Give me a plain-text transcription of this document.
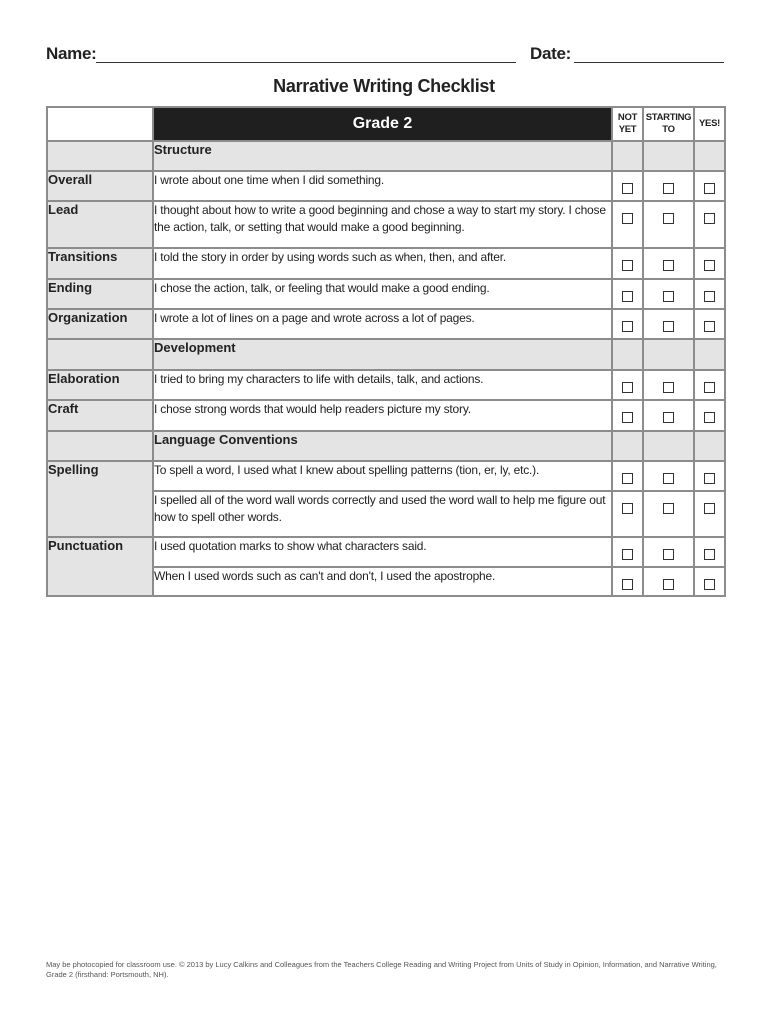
Name:	Date:
Narrative Writing Checklist
	Grade 2	NOT YET	STARTING TO	YES!
	Structure			
Overall	I wrote about one time when I did something.			
Lead	I thought about how to write a good beginning and chose a way to start my story. I chose the action, talk, or setting that would make a good beginning.			
Transitions	I told the story in order by using words such as when, then, and after.			
Ending	I chose the action, talk, or feeling that would make a good ending.			
Organization	I wrote a lot of lines on a page and wrote across a lot of pages.			
	Development			
Elaboration	I tried to bring my characters to life with details, talk, and actions.			
Craft	I chose strong words that would help readers picture my story.			
	Language Conventions			
Spelling	To spell a word, I used what I knew about spelling patterns (tion, er, ly, etc.).			
	I spelled all of the word wall words correctly and used the word wall to help me figure out how to spell other words.			
Punctuation	I used quotation marks to show what characters said.			
	When I used words such as can't and don't, I used the apostrophe.			
May be photocopied for classroom use. © 2013 by Lucy Calkins and Colleagues from the Teachers College Reading and Writing Project from Units of Study in Opinion, Information, and Narrative Writing, Grade 2 (firsthand: Portsmouth, NH).
